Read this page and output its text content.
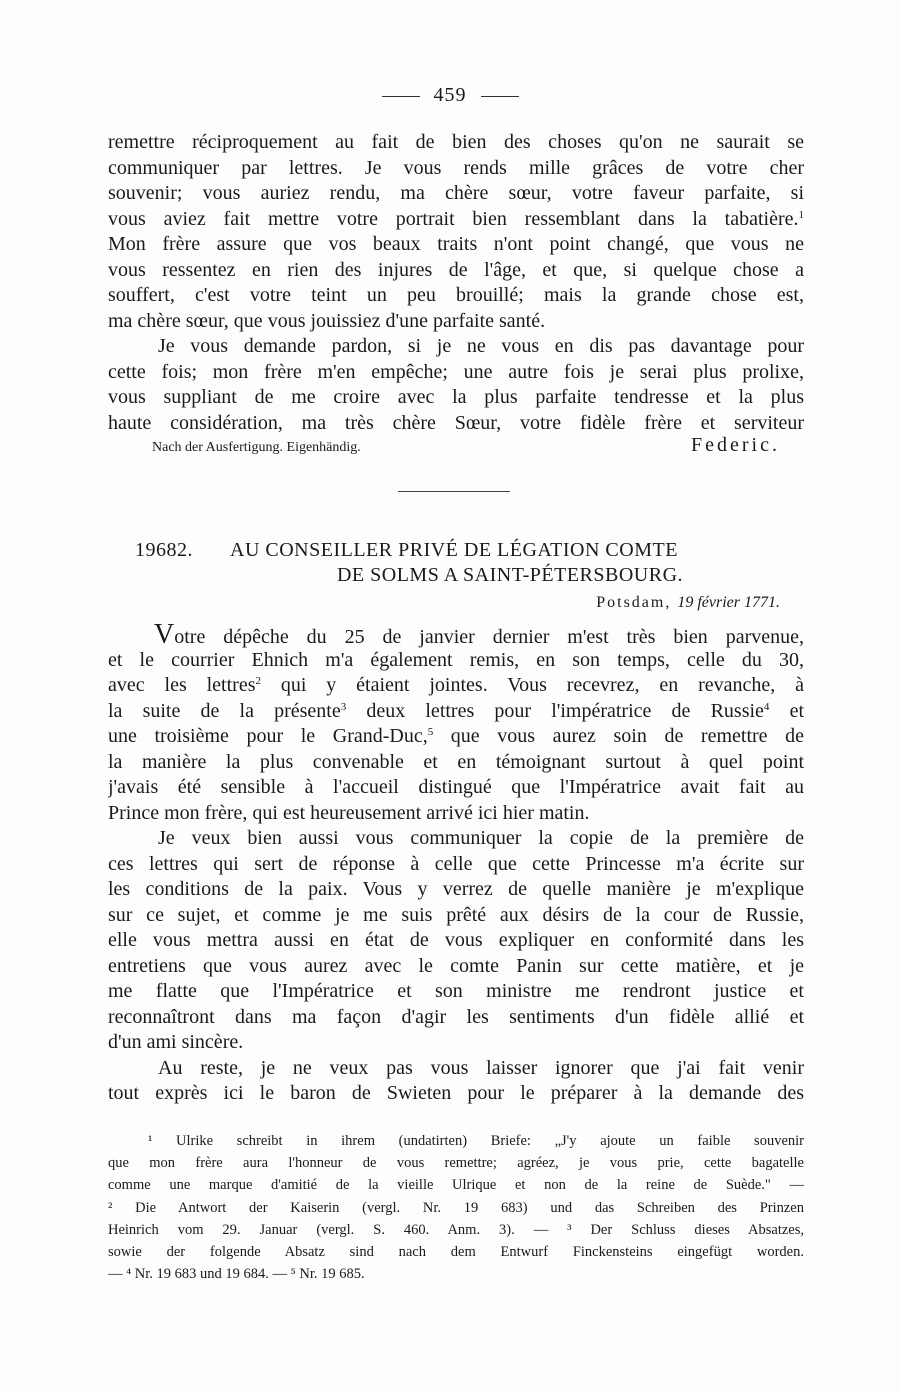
459
remettre réciproquement au fait de bien des choses qu'on ne saurait se
communiquer par lettres. Je vous rends mille grâces de votre cher
souvenir; vous auriez rendu, ma chère sœur, votre faveur parfaite, si
vous aviez fait mettre votre portrait bien ressemblant dans la tabatière.$^1$
Mon frère assure que vos beaux traits n'ont point changé, que vous ne
vous ressentez en rien des injures de l'âge, et que, si quelque chose a
souffert, c'est votre teint un peu brouillé; mais la grande chose est,
ma chère sœur, que vous jouissiez d'une parfaite santé.
Je vous demande pardon, si je ne vous en dis pas davantage pour
cette fois; mon frère m'en empêche; une autre fois je serai plus prolixe,
vous suppliant de me croire avec la plus parfaite tendresse et la plus
haute considération, ma très chère Sœur, votre fidèle frère et serviteur
Nach der Ausfertigung. Eigenhändig.	Federic.
19682. AU CONSEILLER PRIVÉ DE LÉGATION COMTE
DE SOLMS A SAINT-PÉTERSBOURG.
Potsdam, 19 février 1771.
Votre dépêche du 25 de janvier dernier m'est très bien parvenue,
et le courrier Ehnich m'a également remis, en son temps, celle du 30,
avec les lettres$^2$ qui y étaient jointes. Vous recevrez, en revanche, à
la suite de la présente$^3$ deux lettres pour l'impératrice de Russie$^4$ et
une troisième pour le Grand-Duc,$^5$ que vous aurez soin de remettre de
la manière la plus convenable et en témoignant surtout à quel point
j'avais été sensible à l'accueil distingué que l'Impératrice avait fait au
Prince mon frère, qui est heureusement arrivé ici hier matin.
Je veux bien aussi vous communiquer la copie de la première de
ces lettres qui sert de réponse à celle que cette Princesse m'a écrite sur
les conditions de la paix. Vous y verrez de quelle manière je m'explique
sur ce sujet, et comme je me suis prêté aux désirs de la cour de Russie,
elle vous mettra aussi en état de vous expliquer en conformité dans les
entretiens que vous aurez avec le comte Panin sur cette matière, et je
me flatte que l'Impératrice et son ministre me rendront justice et
reconnaîtront dans ma façon d'agir les sentiments d'un fidèle allié et
d'un ami sincère.
Au reste, je ne veux pas vous laisser ignorer que j'ai fait venir
tout exprès ici le baron de Swieten pour le préparer à la demande des
¹ Ulrike schreibt in ihrem (undatirten) Briefe: „J'y ajoute un faible souvenir
que mon frère aura l'honneur de vous remettre; agréez, je vous prie, cette bagatelle
comme une marque d'amitié de la vieille Ulrique et non de la reine de Suède." —
² Die Antwort der Kaiserin (vergl. Nr. 19 683) und das Schreiben des Prinzen
Heinrich vom 29. Januar (vergl. S. 460. Anm. 3). — ³ Der Schluss dieses Absatzes,
sowie der folgende Absatz sind nach dem Entwurf Finckensteins eingefügt worden.
— ⁴ Nr. 19 683 und 19 684. — ⁵ Nr. 19 685.
